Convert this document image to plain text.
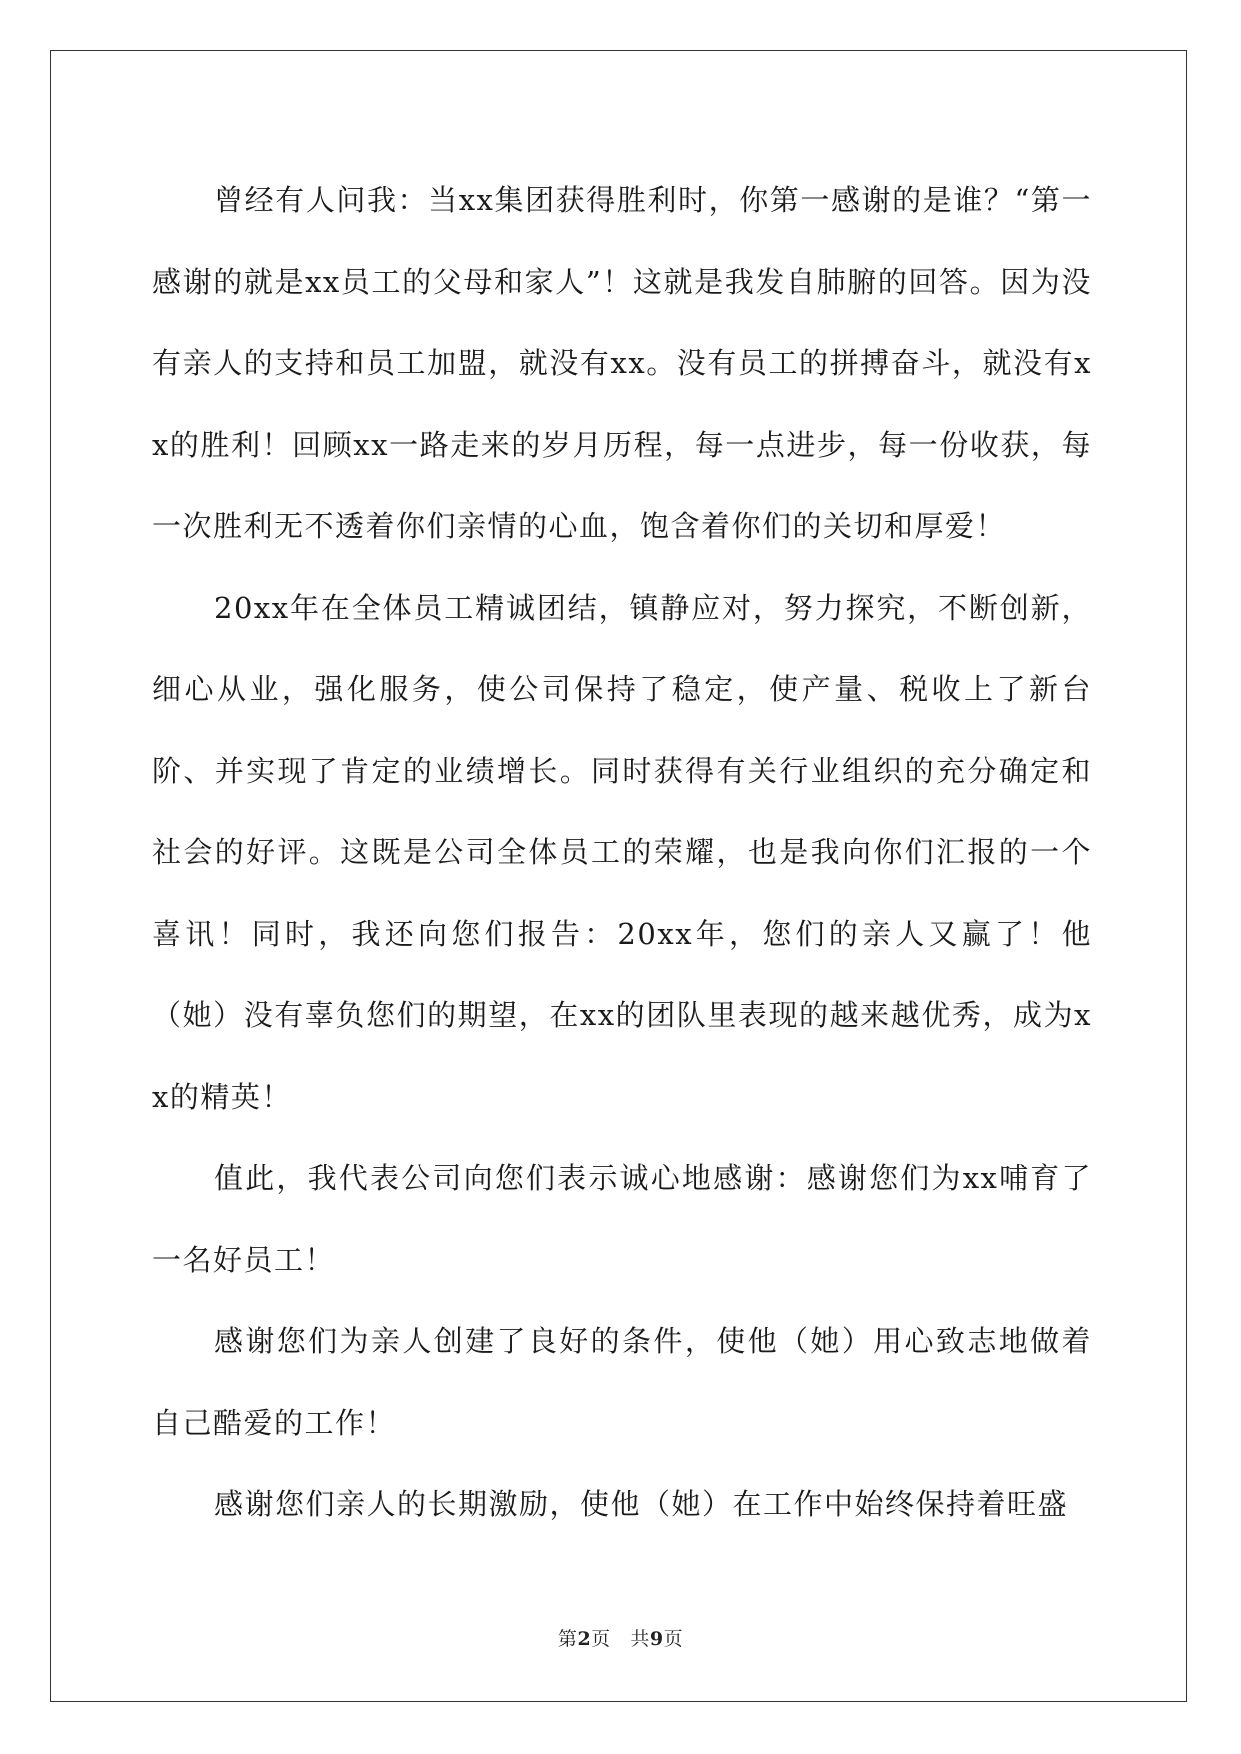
曾经有人问我：当xx集团获得胜利时，你第一感谢的是谁？“第一感谢的就是xx员工的父母和家人”！这就是我发自肺腑的回答。因为没有亲人的支持和员工加盟，就没有xx。没有员工的拼搏奋斗，就没有xx的胜利！回顾xx一路走来的岁月历程，每一点进步，每一份收获，每一次胜利无不透着你们亲情的心血，饱含着你们的关切和厚爱！

20xx年在全体员工精诚团结，镇静应对，努力探究，不断创新，细心从业，强化服务，使公司保持了稳定，使产量、税收上了新台阶、并实现了肯定的业绩增长。同时获得有关行业组织的充分确定和社会的好评。这既是公司全体员工的荣耀，也是我向你们汇报的一个喜讯！同时，我还向您们报告：20xx年，您们的亲人又赢了！他（她）没有辜负您们的期望，在xx的团队里表现的越来越优秀，成为xx的精英！

值此，我代表公司向您们表示诚心地感谢：感谢您们为xx哺育了一名好员工！

感谢您们为亲人创建了良好的条件，使他（她）用心致志地做着自己酷爱的工作！

感谢您们亲人的长期激励，使他（她）在工作中始终保持着旺盛

第2页 共9页
